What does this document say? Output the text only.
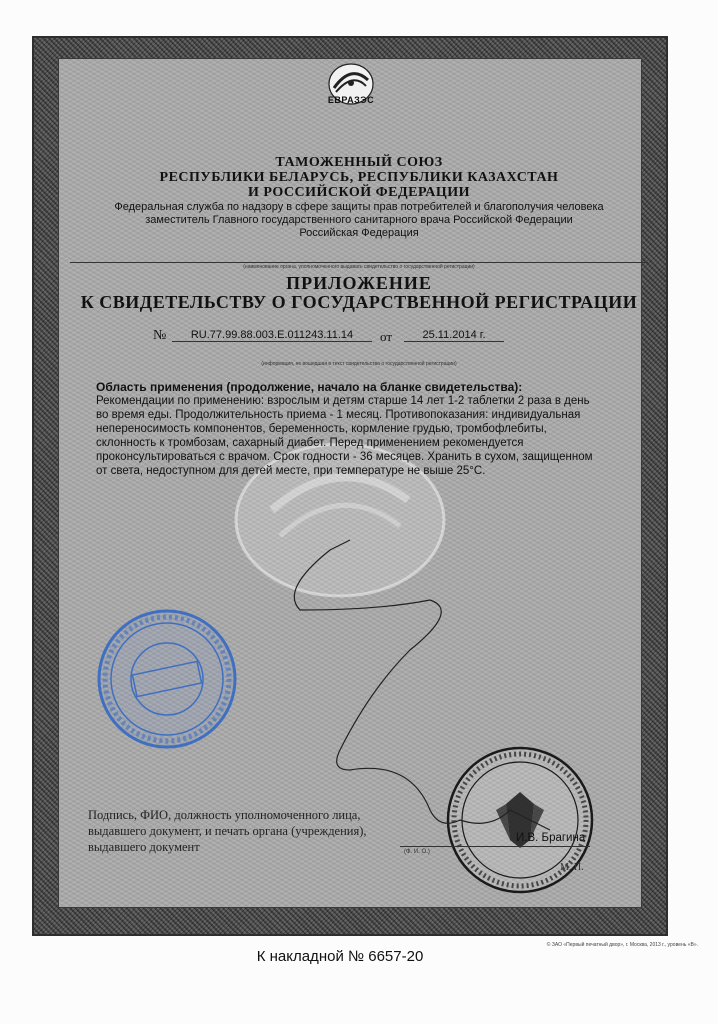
ЕВРАЗЭС
ТАМОЖЕННЫЙ СОЮЗ
РЕСПУБЛИКИ БЕЛАРУСЬ, РЕСПУБЛИКИ КАЗАХСТАН
И РОССИЙСКОЙ ФЕДЕРАЦИИ
Федеральная служба по надзору в сфере защиты прав потребителей и благополучия человека
заместитель Главного государственного санитарного врача Российской Федерации
Российская Федерация
(наименование органа, уполномоченного выдавать свидетельство о государственной регистрации)
ПРИЛОЖЕНИЕ
К СВИДЕТЕЛЬСТВУ О ГОСУДАРСТВЕННОЙ РЕГИСТРАЦИИ
№	RU.77.99.88.003.E.011243.11.14	от	25.11.2014 г.
(информация, не вошедшая в текст свидетельства о государственной регистрации)
Область применения (продолжение, начало на бланке свидетельства):
Рекомендации по применению: взрослым и детям старше 14 лет 1-2 таблетки 2 раза в день во время еды. Продолжительность приема - 1 месяц. Противопоказания: индивидуальная непереносимость компонентов, беременность, кормление грудью, тромбофлебиты, склонность к тромбозам, сахарный диабет. Перед применением рекомендуется проконсультироваться с врачом. Срок годности - 36 месяцев. Хранить в сухом, защищенном от света, недоступном для детей месте, при температуре не выше 25°С.
Подпись, ФИО, должность уполномоченного лица, выдавшего документ, и печать органа (учреждения), выдавшего документ
И.В. Брагина
(Ф. И. О.)
М. П.
© ЗАО «Первый печатный двор», г. Москва, 2013 г., уровень «В».
К накладной № 6657-20
